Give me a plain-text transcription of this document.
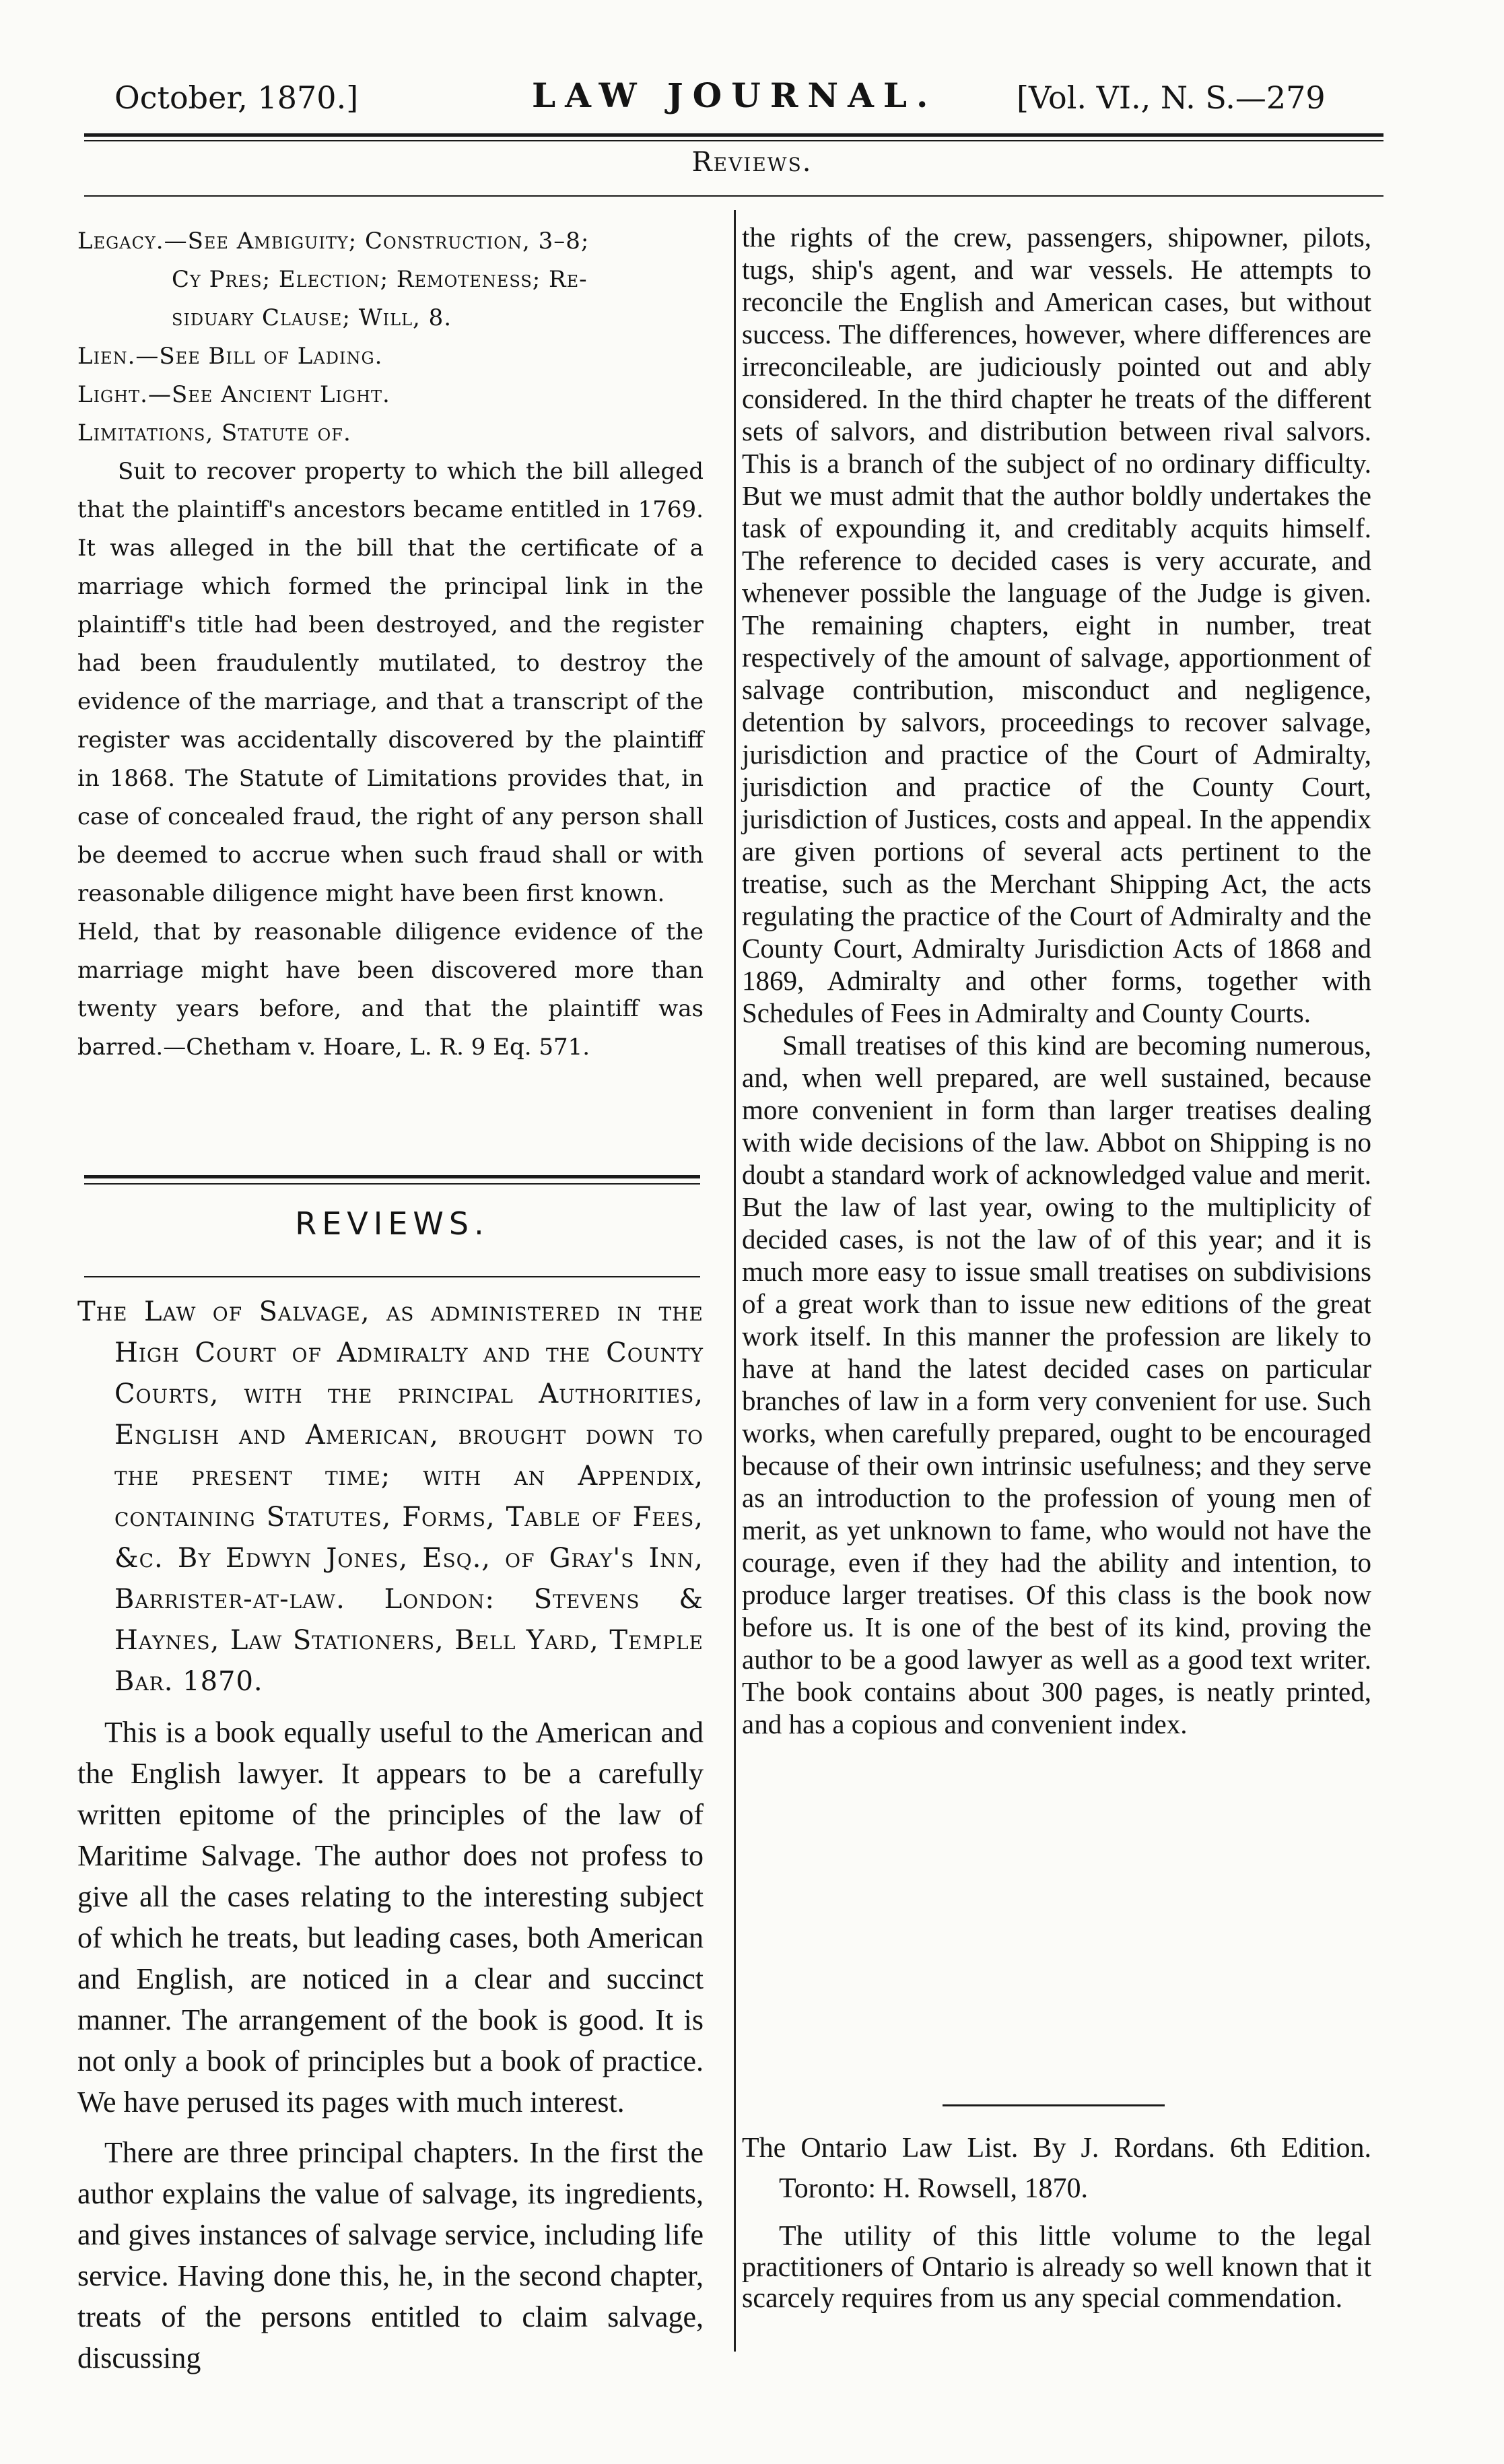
October, 1870.]	LAW JOURNAL.	[Vol. VI., N. S.—279
Reviews.

Legacy.—See Ambiguity; Construction, 3–8;

Cy Pres; Election; Remoteness; Re-

siduary Clause; Will, 8.

Lien.—See Bill of Lading.

Light.—See Ancient Light.

Limitations, Statute of.

Suit to recover property to which the bill alleged that the plaintiff's ancestors became entitled in 1769. It was alleged in the bill that the certificate of a marriage which formed the principal link in the plaintiff's title had been destroyed, and the register had been fraudulently mutilated, to destroy the evidence of the marriage, and that a transcript of the register was accidentally discovered by the plaintiff in 1868. The Statute of Limitations provides that, in case of concealed fraud, the right of any person shall be deemed to accrue when such fraud shall or with reasonable diligence might have been first known.

Held, that by reasonable diligence evidence of the marriage might have been discovered more than twenty years before, and that the plaintiff was barred.—Chetham v. Hoare, L. R. 9 Eq. 571.

REVIEWS.

The Law of Salvage, as administered in the High Court of Admiralty and the County Courts, with the principal Authorities, English and American, brought down to the present time; with an Appendix, containing Statutes, Forms, Table of Fees, &c. By Edwyn Jones, Esq., of Gray's Inn, Barrister-at-law. London: Stevens & Haynes, Law Stationers, Bell Yard, Temple Bar. 1870.

This is a book equally useful to the American and the English lawyer. It appears to be a carefully written epitome of the principles of the law of Maritime Salvage. The author does not profess to give all the cases relating to the interesting subject of which he treats, but leading cases, both American and English, are noticed in a clear and succinct manner. The arrangement of the book is good. It is not only a book of principles but a book of practice. We have perused its pages with much interest.

There are three principal chapters. In the first the author explains the value of salvage, its ingredients, and gives instances of salvage service, including life service. Having done this, he, in the second chapter, treats of the persons entitled to claim salvage, discussing

the rights of the crew, passengers, shipowner, pilots, tugs, ship's agent, and war vessels. He attempts to reconcile the English and American cases, but without success. The differences, however, where differences are irreconcileable, are judiciously pointed out and ably considered. In the third chapter he treats of the different sets of salvors, and distribution between rival salvors. This is a branch of the subject of no ordinary difficulty. But we must admit that the author boldly undertakes the task of expounding it, and creditably acquits himself. The reference to decided cases is very accurate, and whenever possible the language of the Judge is given. The remaining chapters, eight in number, treat respectively of the amount of salvage, apportionment of salvage contribution, misconduct and negligence, detention by salvors, proceedings to recover salvage, jurisdiction and practice of the Court of Admiralty, jurisdiction and practice of the County Court, jurisdiction of Justices, costs and appeal. In the appendix are given portions of several acts pertinent to the treatise, such as the Merchant Shipping Act, the acts regulating the practice of the Court of Admiralty and the County Court, Admiralty Jurisdiction Acts of 1868 and 1869, Admiralty and other forms, together with Schedules of Fees in Admiralty and County Courts.

Small treatises of this kind are becoming numerous, and, when well prepared, are well sustained, because more convenient in form than larger treatises dealing with wide decisions of the law. Abbot on Shipping is no doubt a standard work of acknowledged value and merit. But the law of last year, owing to the multiplicity of decided cases, is not the law of of this year; and it is much more easy to issue small treatises on subdivisions of a great work than to issue new editions of the great work itself. In this manner the profession are likely to have at hand the latest decided cases on particular branches of law in a form very convenient for use. Such works, when carefully prepared, ought to be encouraged because of their own intrinsic usefulness; and they serve as an introduction to the profession of young men of merit, as yet unknown to fame, who would not have the courage, even if they had the ability and intention, to produce larger treatises. Of this class is the book now before us. It is one of the best of its kind, proving the author to be a good lawyer as well as a good text writer. The book contains about 300 pages, is neatly printed, and has a copious and convenient index.

The Ontario Law List. By J. Rordans. 6th Edition. Toronto: H. Rowsell, 1870.

The utility of this little volume to the legal practitioners of Ontario is already so well known that it scarcely requires from us any special commendation.
